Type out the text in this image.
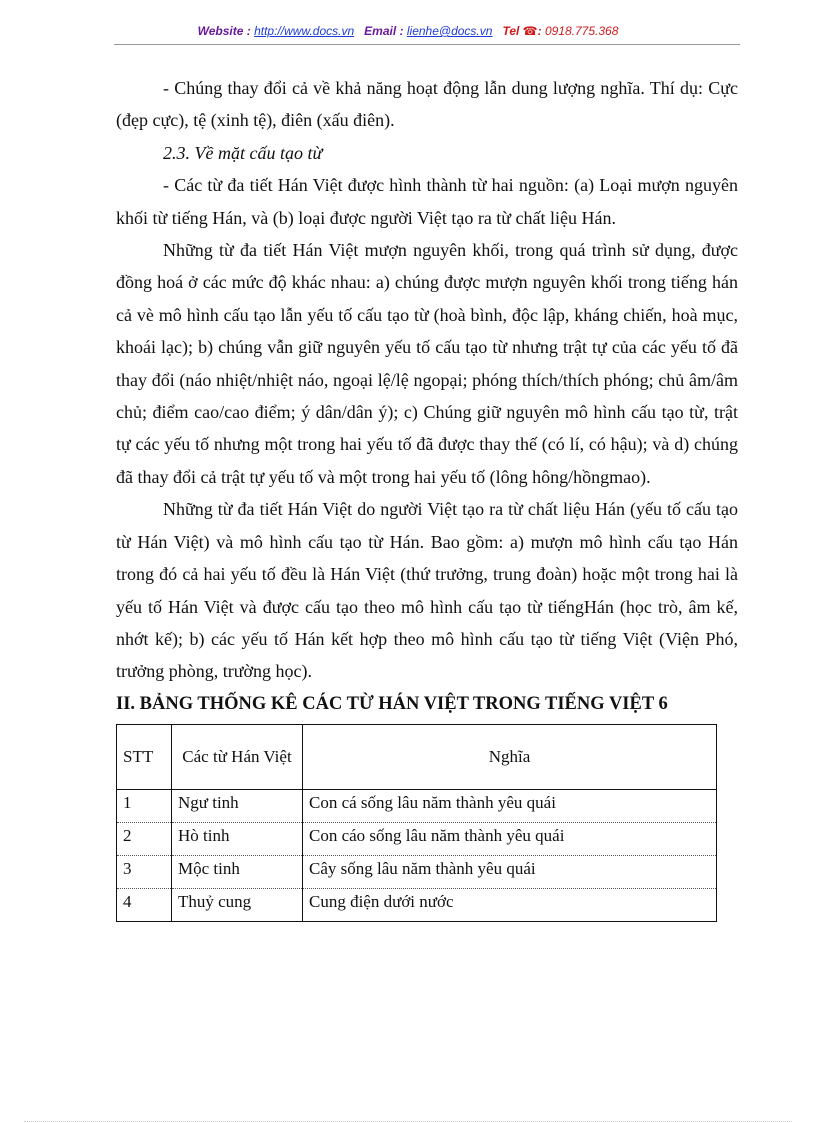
Website : http://www.docs.vn Email : lienhe@docs.vn Tel ☎: 0918.775.368

- Chúng thay đổi cả về khả năng hoạt động lẫn dung lượng nghĩa. Thí dụ: Cực (đẹp cực), tệ (xinh tệ), điên (xấu điên).

2.3. Về mặt cấu tạo từ

- Các từ đa tiết Hán Việt được hình thành từ hai nguồn: (a) Loại mượn nguyên khối từ tiếng Hán, và (b) loại được người Việt tạo ra từ chất liệu Hán.

Những từ đa tiết Hán Việt mượn nguyên khối, trong quá trình sử dụng, được đồng hoá ở các mức độ khác nhau: a) chúng được mượn nguyên khối trong tiếng hán cả vè mô hình cấu tạo lẫn yếu tố cấu tạo từ (hoà bình, độc lập, kháng chiến, hoà mục, khoái lạc); b) chúng vẫn giữ nguyên yếu tố cấu tạo từ nhưng trật tự của các yếu tố đã thay đổi (náo nhiệt/nhiệt náo, ngoại lệ/lệ ngopại; phóng thích/thích phóng; chủ âm/âm chủ; điểm cao/cao điểm; ý dân/dân ý); c) Chúng giữ nguyên mô hình cấu tạo từ, trật tự các yếu tố nhưng một trong hai yếu tố đã được thay thế (có lí, có hậu); và d) chúng đã thay đổi cả trật tự yếu tố và một trong hai yếu tố (lông hông/hồngmao).

Những từ đa tiết Hán Việt do người Việt tạo ra từ chất liệu Hán (yếu tố cấu tạo từ Hán Việt) và mô hình cấu tạo từ Hán. Bao gồm: a) mượn mô hình cấu tạo Hán trong đó cả hai yếu tố đều là Hán Việt (thứ trưởng, trung đoàn) hoặc một trong hai là yếu tố Hán Việt và được cấu tạo theo mô hình cấu tạo từ tiếngHán (học trò, âm kế, nhớt kế); b) các yếu tố Hán kết hợp theo mô hình cấu tạo từ tiếng Việt (Viện Phó, trưởng phòng, trường học).

II. BẢNG THỐNG KÊ CÁC TỪ HÁN VIỆT TRONG TIẾNG VIỆT 6
STT	Các từ Hán Việt	Nghĩa
1	Ngư tinh	Con cá sống lâu năm thành yêu quái
2	Hò tinh	Con cáo sống lâu năm thành yêu quái
3	Mộc tinh	Cây sống lâu năm thành yêu quái
4	Thuỷ cung	Cung điện dưới nước
